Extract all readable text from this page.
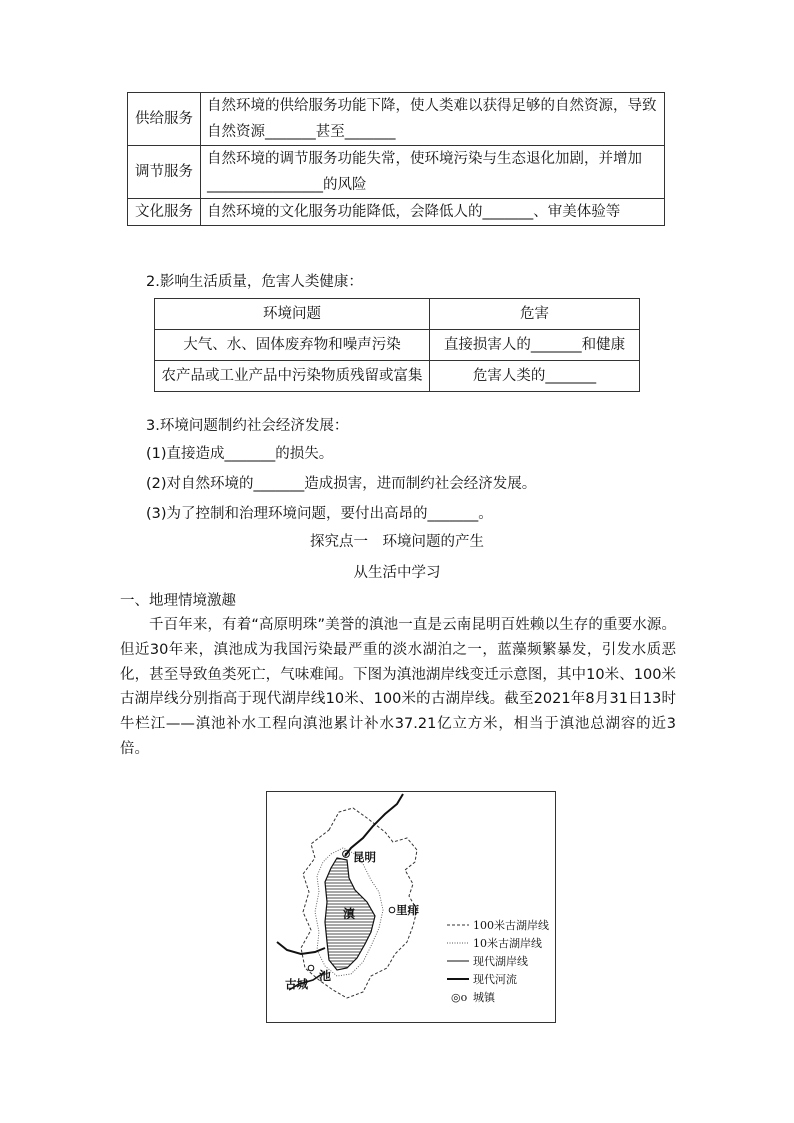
供给服务	自然环境的供给服务功能下降，使人类难以获得足够的自然资源，导致自然资源_______甚至_______
调节服务	自然环境的调节服务功能失常，使环境污染与生态退化加剧，并增加________________的风险
文化服务	自然环境的文化服务功能降低，会降低人的_______、审美体验等
2.影响生活质量，危害人类健康：
环境问题	危害
大气、水、固体废弃物和噪声污染	直接损害人的_______和健康
农产品或工业产品中污染物质残留或富集	危害人类的_______
3.环境问题制约社会经济发展：
(1)直接造成_______的损失。
(2)对自然环境的_______造成损害，进而制约社会经济发展。
(3)为了控制和治理环境问题，要付出高昂的_______。
探究点一　环境问题的产生
从生活中学习
一、地理情境激趣

千百年来，有着“高原明珠”美誉的滇池一直是云南昆明百姓赖以生存的重要水源。但近30年来，滇池成为我国污染最严重的淡水湖泊之一，蓝藻频繁暴发，引发水质恶化，甚至导致鱼类死亡，气味难闻。下图为滇池湖岸线变迁示意图，其中10米、100米古湖岸线分别指高于现代湖岸线10米、100米的古湖岸线。截至2021年8月31日13时牛栏江——滇池补水工程向滇池累计补水37.21亿立方米，相当于滇池总湖容的近3倍。

昆明
里痱
古城
滇
池
100米古湖岸线
10米古湖岸线
现代湖岸线
现代河流
◎o 城镇
